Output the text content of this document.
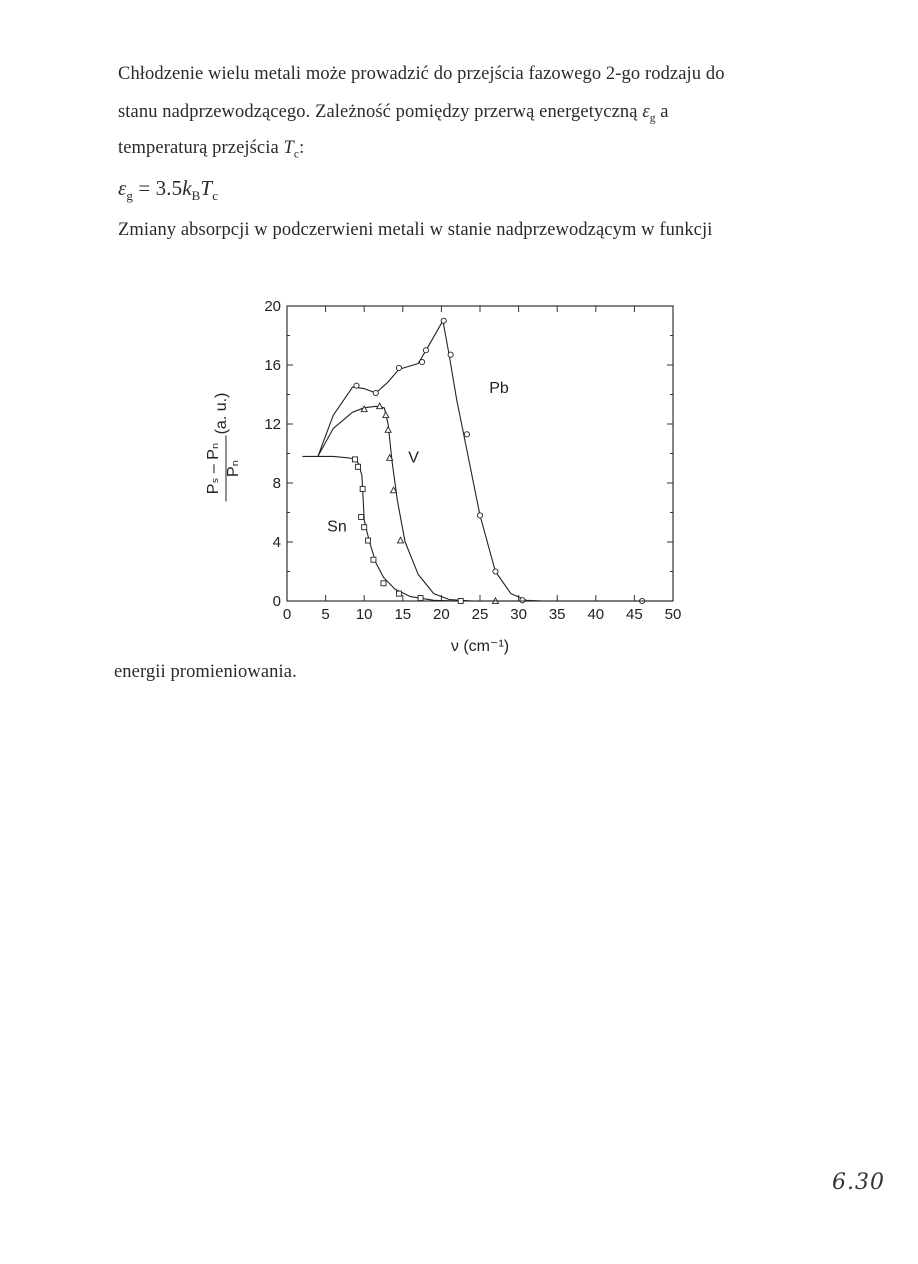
Chłodzenie wielu metali może prowadzić do przejścia fazowego 2-go rodzaju do
stanu nadprzewodzącego. Zależność pomiędzy przerwą energetyczną $\varepsilon_g$ a
temperaturą przejścia $T_c$:
$\varepsilon_g = 3.5k_BT_c$
Zmiany absorpcji w podczerwieni metali w stanie nadprzewodzącym w funkcji
0 5 10 15 20 25 30 35 40 45 50
0
4
8
12
16
20
Pb
V
Sn
ν (cm⁻¹)
Pₛ – Pₙ Pₙ
(a. u.)
energii promieniowania.
6.30
